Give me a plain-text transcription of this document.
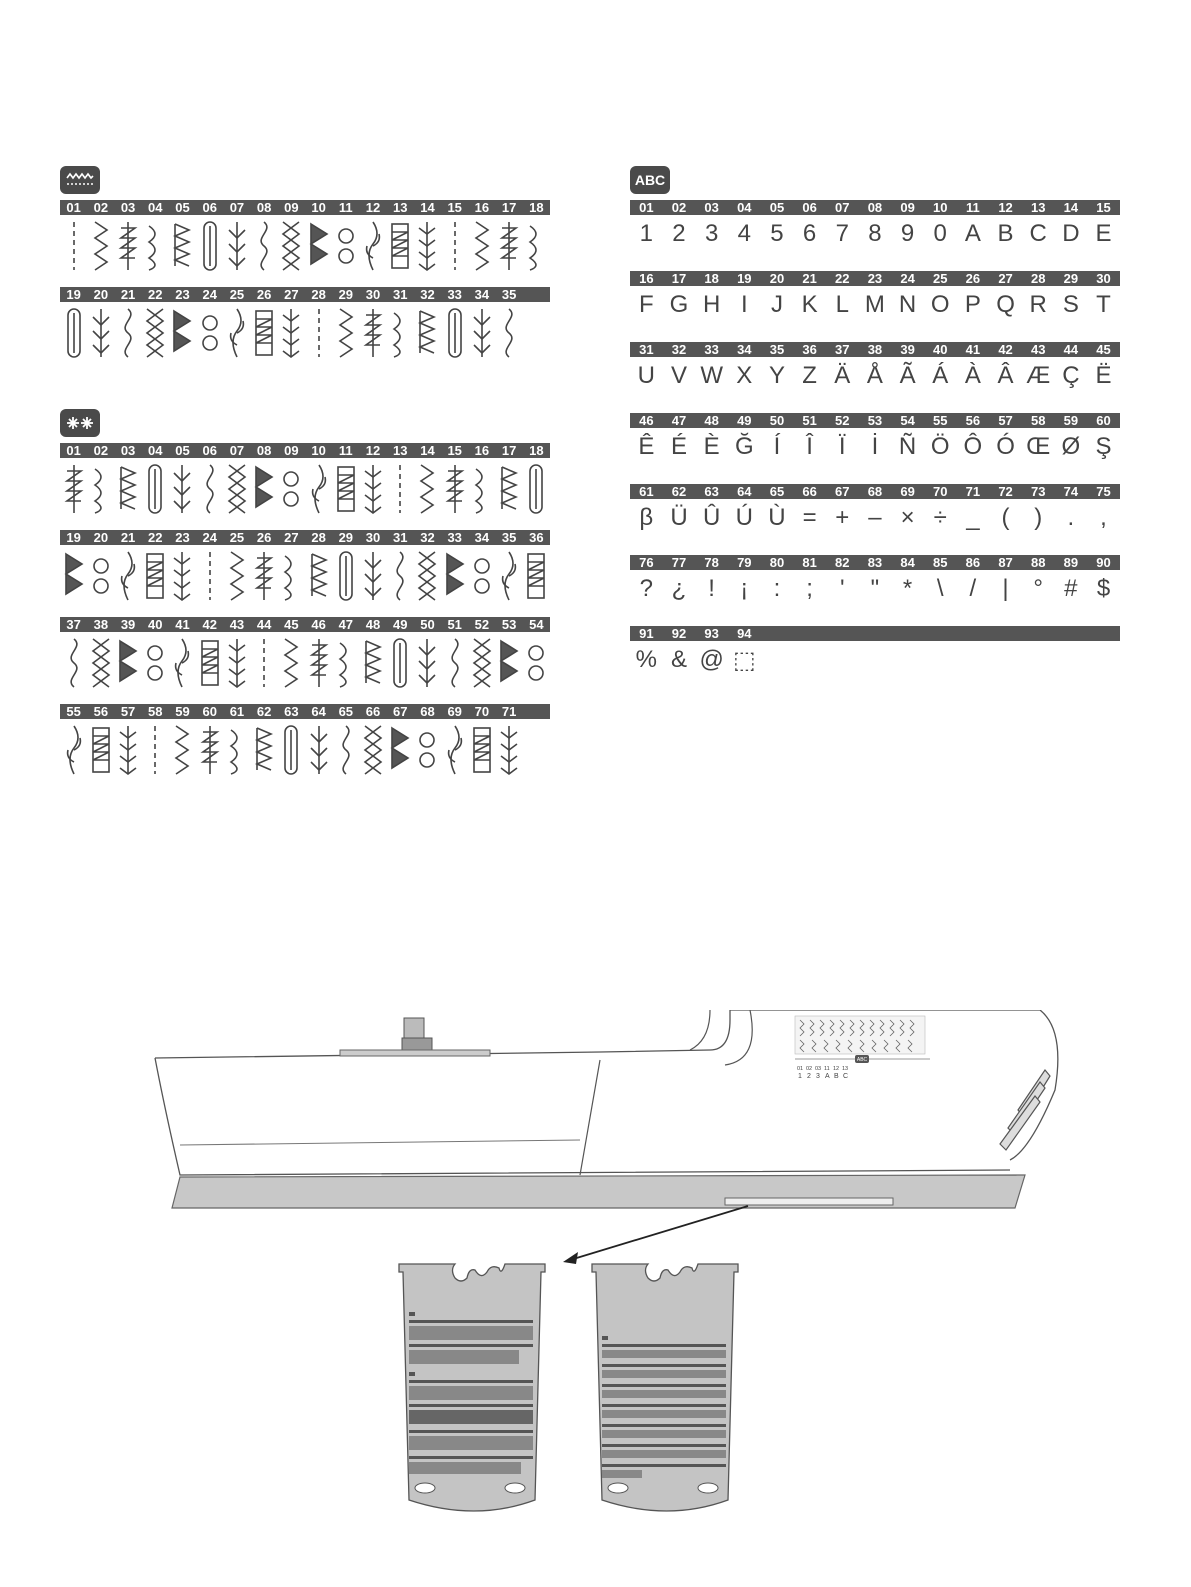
01 02 03 04 05 06 07 08 09 10	11	12 13 14 15 16 17 18
19 20 21 22 23 24 25 26 27 28 29 30 31 32 33 34 35
01 02 03 04 05 06 07 08 09 10	11	12 13 14 15 16 17 18
19 20 21 22 23 24 25 26 27 28 29 30 31 32 33 34 35 36
37 38 39 40 41 42 43 44 45 46 47 48 49 50 51 52 53 54
55 56 57 58 59 60 61 62 63 64 65 66 67 68 69 70 71
ABC
01	02	03	04	05	06	07	08	09	10	11	12	13	14	15
1 2 3 4 5 6 7 8 9 0 A B C D E
16	17	18	19	20	21	22	23	24	25	26	27	28	29	30
F G H I J K L M N O P Q R S T
31	32	33	34	35	36	37	38	39	40	41	42	43	44	45
U V W X Y Z Ä Å Ã Á À Â Æ Ç Ë
46	47	48	49	50	51	52	53	54	55	56	57	58	59	60
Ê É È Ğ Í	Î	Ï	İ Ñ Ö Ô Ó Œ Ø Ş
61	62	63	64	65	66	67	68	69	70	71	72	73	74	75
β Ü Û Ú Ù = + – × ÷ _ (	)	.	,
76	77	78	79	80	81	82	83	84	85	86	87	88	89	90
? ¿ !	¡	:	;	'	" *	\	/	|	° # $
91	92	93	94
% & @ ⬚
ABC
01 02 03 11 12 13
1 2 3 A B C
